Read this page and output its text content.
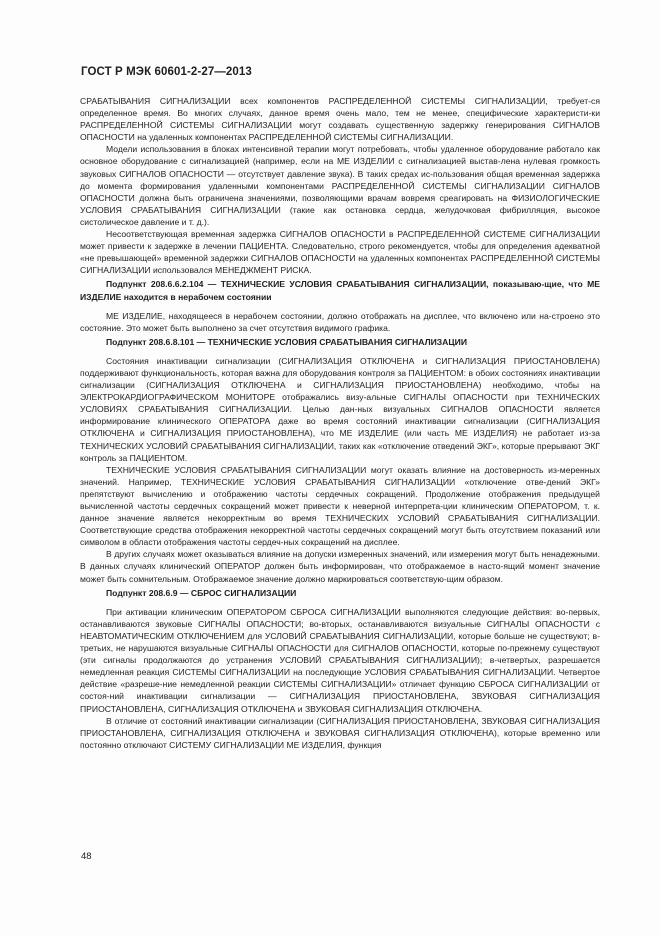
ГОСТ Р МЭК 60601-2-27—2013

СРАБАТЫВАНИЯ СИГНАЛИЗАЦИИ всех компонентов РАСПРЕДЕЛЕННОЙ СИСТЕМЫ СИГНАЛИЗАЦИИ, требует-ся определенное время. Во многих случаях, данное время очень мало, тем не менее, специфические характеристи-ки РАСПРЕДЕЛЕННОЙ СИСТЕМЫ СИГНАЛИЗАЦИИ могут создавать существенную задержку генерирования СИГНАЛОВ ОПАСНОСТИ на удаленных компонентах РАСПРЕДЕЛЕННОЙ СИСТЕМЫ СИГНАЛИЗАЦИИ.

Модели использования в блоках интенсивной терапии могут потребовать, чтобы удаленное оборудование работало как основное оборудование с сигнализацией (например, если на МЕ ИЗДЕЛИИ с сигнализацией выстав-лена нулевая громкость звуковых СИГНАЛОВ ОПАСНОСТИ — отсутствует давление звука). В таких средах ис-пользования общая временная задержка до момента формирования удаленными компонентами РАСПРЕДЕЛЕННОЙ СИСТЕМЫ СИГНАЛИЗАЦИИ СИГНАЛОВ ОПАСНОСТИ должна быть ограничена значениями, позволяющими врачам вовремя среагировать на ФИЗИОЛОГИЧЕСКИЕ УСЛОВИЯ СРАБАТЫВАНИЯ СИГНАЛИЗАЦИИ (такие как остановка сердца, желудочковая фибрилляция, высокое систолическое давление и т. д.).

Несоответствующая временная задержка СИГНАЛОВ ОПАСНОСТИ в РАСПРЕДЕЛЕННОЙ СИСТЕМЕ СИГНАЛИЗАЦИИ может привести к задержке в лечении ПАЦИЕНТА. Следовательно, строго рекомендуется, чтобы для определения адекватной «не превышающей» временной задержки СИГНАЛОВ ОПАСНОСТИ на удаленных компонентах РАСПРЕДЕЛЕННОЙ СИСТЕМЫ СИГНАЛИЗАЦИИ использовался МЕНЕДЖМЕНТ РИСКА.

Подпункт 208.6.6.2.104 — ТЕХНИЧЕСКИЕ УСЛОВИЯ СРАБАТЫВАНИЯ СИГНАЛИЗАЦИИ, показываю-щие, что МЕ ИЗДЕЛИЕ находится в нерабочем состоянии

МЕ ИЗДЕЛИЕ, находящееся в нерабочем состоянии, должно отображать на дисплее, что включено или на-строено это состояние. Это может быть выполнено за счет отсутствия видимого графика.

Подпункт 208.6.8.101 — ТЕХНИЧЕСКИЕ УСЛОВИЯ СРАБАТЫВАНИЯ СИГНАЛИЗАЦИИ

Состояния инактивации сигнализации (СИГНАЛИЗАЦИЯ ОТКЛЮЧЕНА и СИГНАЛИЗАЦИЯ ПРИОСТАНОВЛЕНА) поддерживают функциональность, которая важна для оборудования контроля за ПАЦИЕНТОМ: в обоих состояниях инактивации сигнализации (СИГНАЛИЗАЦИЯ ОТКЛЮЧЕНА и СИГНАЛИЗАЦИЯ ПРИОСТАНОВЛЕНА) необходимо, чтобы на ЭЛЕКТРОКАРДИОГРАФИЧЕСКОМ МОНИТОРЕ отображались визу-альные СИГНАЛЫ ОПАСНОСТИ при ТЕХНИЧЕСКИХ УСЛОВИЯХ СРАБАТЫВАНИЯ СИГНАЛИЗАЦИИ. Целью дан-ных визуальных СИГНАЛОВ ОПАСНОСТИ является информирование клинического ОПЕРАТОРА даже во время состояний инактивации сигнализации (СИГНАЛИЗАЦИЯ ОТКЛЮЧЕНА и СИГНАЛИЗАЦИЯ ПРИОСТАНОВЛЕНА), что МЕ ИЗДЕЛИЕ (или часть МЕ ИЗДЕЛИЯ) не работает из-за ТЕХНИЧЕСКИХ УСЛОВИЙ СРАБАТЫВАНИЯ СИГНАЛИЗАЦИИ, таких как «отключение отведений ЭКГ», которые прерывают ЭКГ контроль за ПАЦИЕНТОМ.

ТЕХНИЧЕСКИЕ УСЛОВИЯ СРАБАТЫВАНИЯ СИГНАЛИЗАЦИИ могут оказать влияние на достоверность из-меренных значений. Например, ТЕХНИЧЕСКИЕ УСЛОВИЯ СРАБАТЫВАНИЯ СИГНАЛИЗАЦИИ «отключение отве-дений ЭКГ» препятствуют вычислению и отображению частоты сердечных сокращений. Продолжение отображения предыдущей вычисленной частоты сердечных сокращений может привести к неверной интерпрета-ции клиническим ОПЕРАТОРОМ, т. к. данное значение является некорректным во время ТЕХНИЧЕСКИХ УСЛОВИЙ СРАБАТЫВАНИЯ СИГНАЛИЗАЦИИ. Соответствующие средства отображения некорректной частоты сердечных сокращений могут быть отсутствием показаний или символом в области отображения частоты сердеч-ных сокращений на дисплее.

В других случаях может оказываться влияние на допуски измеренных значений, или измерения могут быть ненадежными. В данных случаях клинический ОПЕРАТОР должен быть информирован, что отображаемое в насто-ящий момент значение может быть сомнительным. Отображаемое значение должно маркироваться соответствую-щим образом.

Подпункт 208.6.9 — СБРОС СИГНАЛИЗАЦИИ

При активации клиническим ОПЕРАТОРОМ СБРОСА СИГНАЛИЗАЦИИ выполняются следующие действия: во-первых, останавливаются звуковые СИГНАЛЫ ОПАСНОСТИ; во-вторых, останавливаются визуальные СИГНАЛЫ ОПАСНОСТИ с НЕАВТОМАТИЧЕСКИМ ОТКЛЮЧЕНИЕМ для УСЛОВИЙ СРАБАТЫВАНИЯ СИГНАЛИЗАЦИИ, которые больше не существуют; в-третьих, не нарушаются визуальные СИГНАЛЫ ОПАСНОСТИ для СИГНАЛОВ ОПАСНОСТИ, которые по-прежнему существуют (эти сигналы продолжаются до устранения УСЛОВИЙ СРАБАТЫВАНИЯ СИГНАЛИЗАЦИИ); в-четвертых, разрешается немедленная реакция СИСТЕМЫ СИГНАЛИЗАЦИИ на последующие УСЛОВИЯ СРАБАТЫВАНИЯ СИГНАЛИЗАЦИИ. Четвертое действие «разреше-ние немедленной реакции СИСТЕМЫ СИГНАЛИЗАЦИИ» отличает функцию СБРОСА СИГНАЛИЗАЦИИ от состоя-ний инактивации сигнализации — СИГНАЛИЗАЦИЯ ПРИОСТАНОВЛЕНА, ЗВУКОВАЯ СИГНАЛИЗАЦИЯ ПРИОСТАНОВЛЕНА, СИГНАЛИЗАЦИЯ ОТКЛЮЧЕНА и ЗВУКОВАЯ СИГНАЛИЗАЦИЯ ОТКЛЮЧЕНА.

В отличие от состояний инактивации сигнализации (СИГНАЛИЗАЦИЯ ПРИОСТАНОВЛЕНА, ЗВУКОВАЯ СИГНАЛИЗАЦИЯ ПРИОСТАНОВЛЕНА, СИГНАЛИЗАЦИЯ ОТКЛЮЧЕНА и ЗВУКОВАЯ СИГНАЛИЗАЦИЯ ОТКЛЮЧЕНА), которые временно или постоянно отключают СИСТЕМУ СИГНАЛИЗАЦИИ МЕ ИЗДЕЛИЯ, функция

48
